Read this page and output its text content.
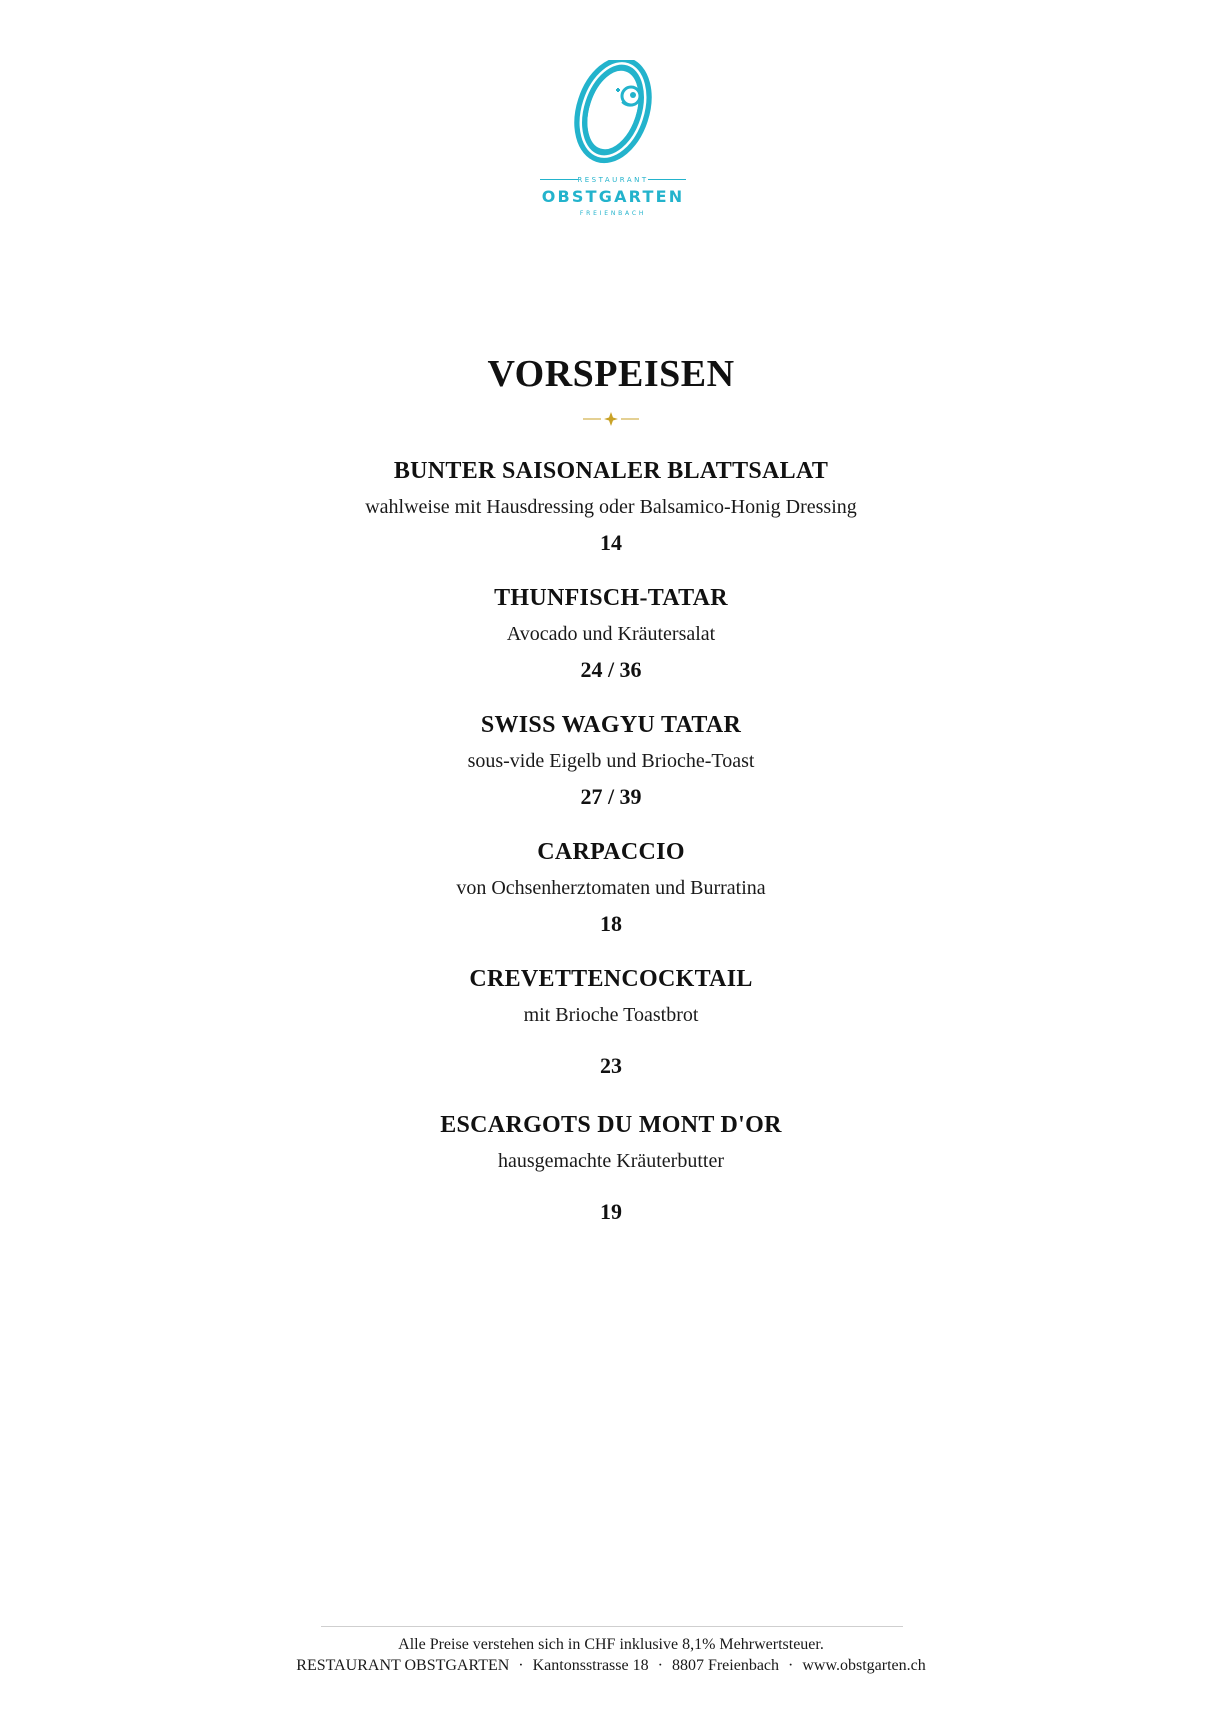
RESTAURANT
OBSTGARTEN
FREIENBACH
VORSPEISEN
BUNTER SAISONALER BLATTSALAT
wahlweise mit Hausdressing oder Balsamico-Honig Dressing
14
THUNFISCH-TATAR
Avocado und Kräutersalat
24 / 36
SWISS WAGYU TATAR
sous-vide Eigelb und Brioche-Toast
27 / 39
CARPACCIO
von Ochsenherztomaten und Burratina
18
CREVETTENCOCKTAIL
mit Brioche Toastbrot
23
ESCARGOTS DU MONT D'OR
hausgemachte Kräuterbutter
19
Alle Preise verstehen sich in CHF inklusive 8,1% Mehrwertsteuer.
RESTAURANT OBSTGARTEN · Kantonsstrasse 18 · 8807 Freienbach · www.obstgarten.ch
